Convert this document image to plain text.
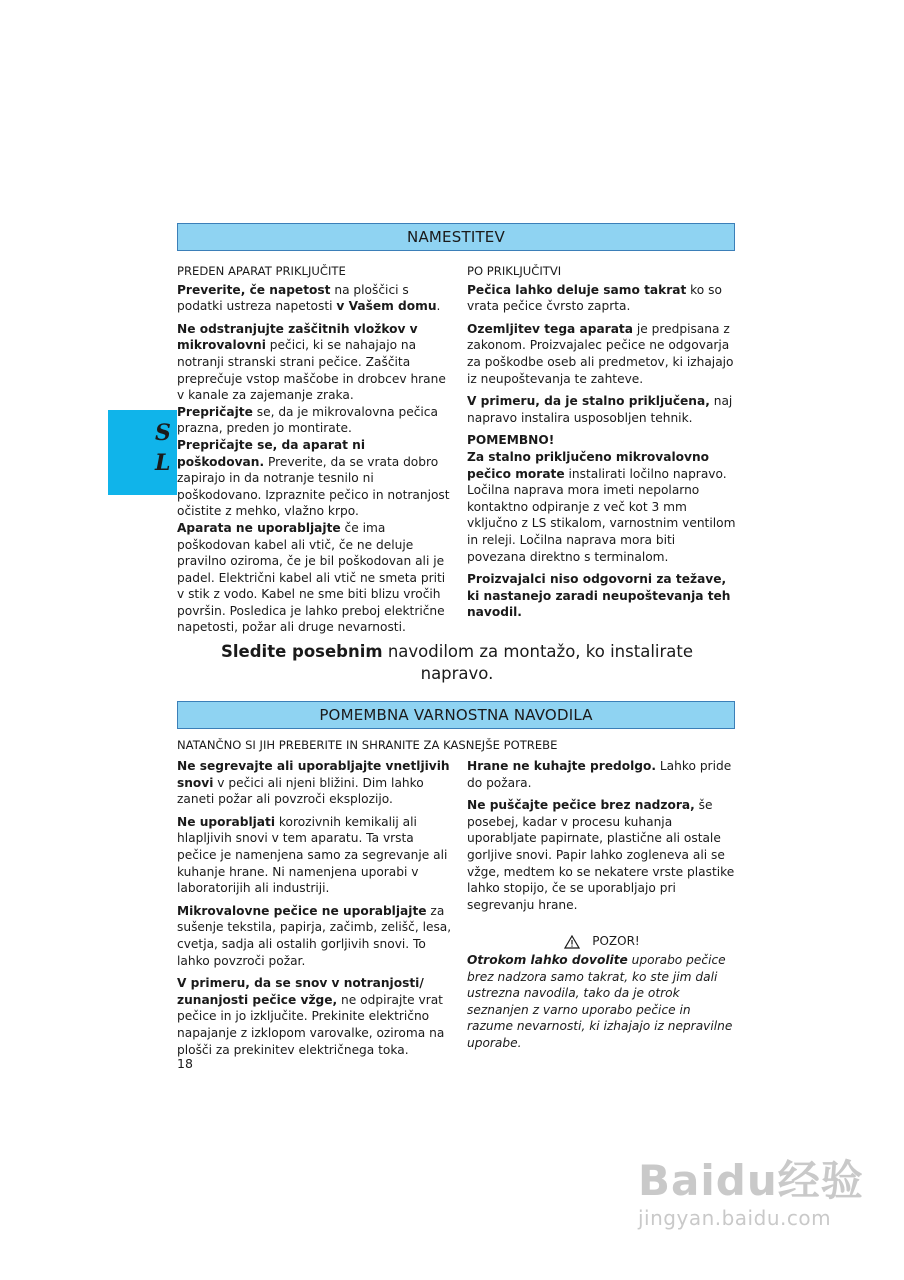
NAMESTITEV
S
L

PREDEN APARAT PRIKLJUČITE

Preverite, če napetost na ploščici s podatki ustreza napetosti v Vašem domu.

Ne odstranjujte zaščitnih vložkov v mikrovalovni pečici, ki se nahajajo na notranji stranski strani pečice. Zaščita preprečuje vstop maščobe in drobcev hrane v kanale za zajemanje zraka.

Prepričajte se, da je mikrovalovna pečica prazna, preden jo montirate.

Prepričajte se, da aparat ni poškodovan. Preverite, da se vrata dobro zapirajo in da notranje tesnilo ni poškodovano. Izpraznite pečico in notranjost očistite z mehko, vlažno krpo.

Aparata ne uporabljajte če ima poškodovan kabel ali vtič, če ne deluje pravilno oziroma, če je bil poškodovan ali je padel. Električni kabel ali vtič ne smeta priti v stik z vodo. Kabel ne sme biti blizu vročih površin. Posledica je lahko preboj električne napetosti, požar ali druge nevarnosti.

PO PRIKLJUČITVI

Pečica lahko deluje samo takrat ko so vrata pečice čvrsto zaprta.

Ozemljitev tega aparata je predpisana z zakonom. Proizvajalec pečice ne odgovarja za poškodbe oseb ali predmetov, ki izhajajo iz neupoštevanja te zahteve.

V primeru, da je stalno priključena, naj napravo instalira usposobljen tehnik.

POMEMBNO!
Za stalno priključeno mikrovalovno pečico morate instalirati ločilno napravo. Ločilna naprava mora imeti nepolarno kontaktno odpiranje z več kot 3 mm vključno z LS stikalom, varnostnim ventilom in releji. Ločilna naprava mora biti povezana direktno s terminalom.

Proizvajalci niso odgovorni za težave, ki nastanejo zaradi neupoštevanja teh navodil.

Sledite posebnim navodilom za montažo, ko instalirate napravo.
POMEMBNA VARNOSTNA NAVODILA
NATANČNO SI JIH PREBERITE IN SHRANITE ZA KASNEJŠE POTREBE

Ne segrevajte ali uporabljajte vnetljivih snovi v pečici ali njeni bližini. Dim lahko zaneti požar ali povzroči eksplozijo.

Ne uporabljati korozivnih kemikalij ali hlapljivih snovi v tem aparatu. Ta vrsta pečice je namenjena samo za segrevanje ali kuhanje hrane. Ni namenjena uporabi v laboratorijih ali industriji.

Mikrovalovne pečice ne uporabljajte za sušenje tekstila, papirja, začimb, zelišč, lesa, cvetja, sadja ali ostalih gorljivih snovi. To lahko povzroči požar.

V primeru, da se snov v notranjosti/ zunanjosti pečice vžge, ne odpirajte vrat pečice in jo izključite. Prekinite električno napajanje z izklopom varovalke, oziroma na plošči za prekinitev električnega toka.

Hrane ne kuhajte predolgo. Lahko pride do požara.

Ne puščajte pečice brez nadzora, še posebej, kadar v procesu kuhanja uporabljate papirnate, plastične ali ostale gorljive snovi. Papir lahko zogleneva ali se vžge, medtem ko se nekatere vrste plastike lahko stopijo, če se uporabljajo pri segrevanju hrane.

POZOR!

Otrokom lahko dovolite uporabo pečice brez nadzora samo takrat, ko ste jim dali ustrezna navodila, tako da je otrok seznanjen z varno uporabo pečice in razume nevarnosti, ki izhajajo iz nepravilne uporabe.

18
Baidu经验
jingyan.baidu.com
